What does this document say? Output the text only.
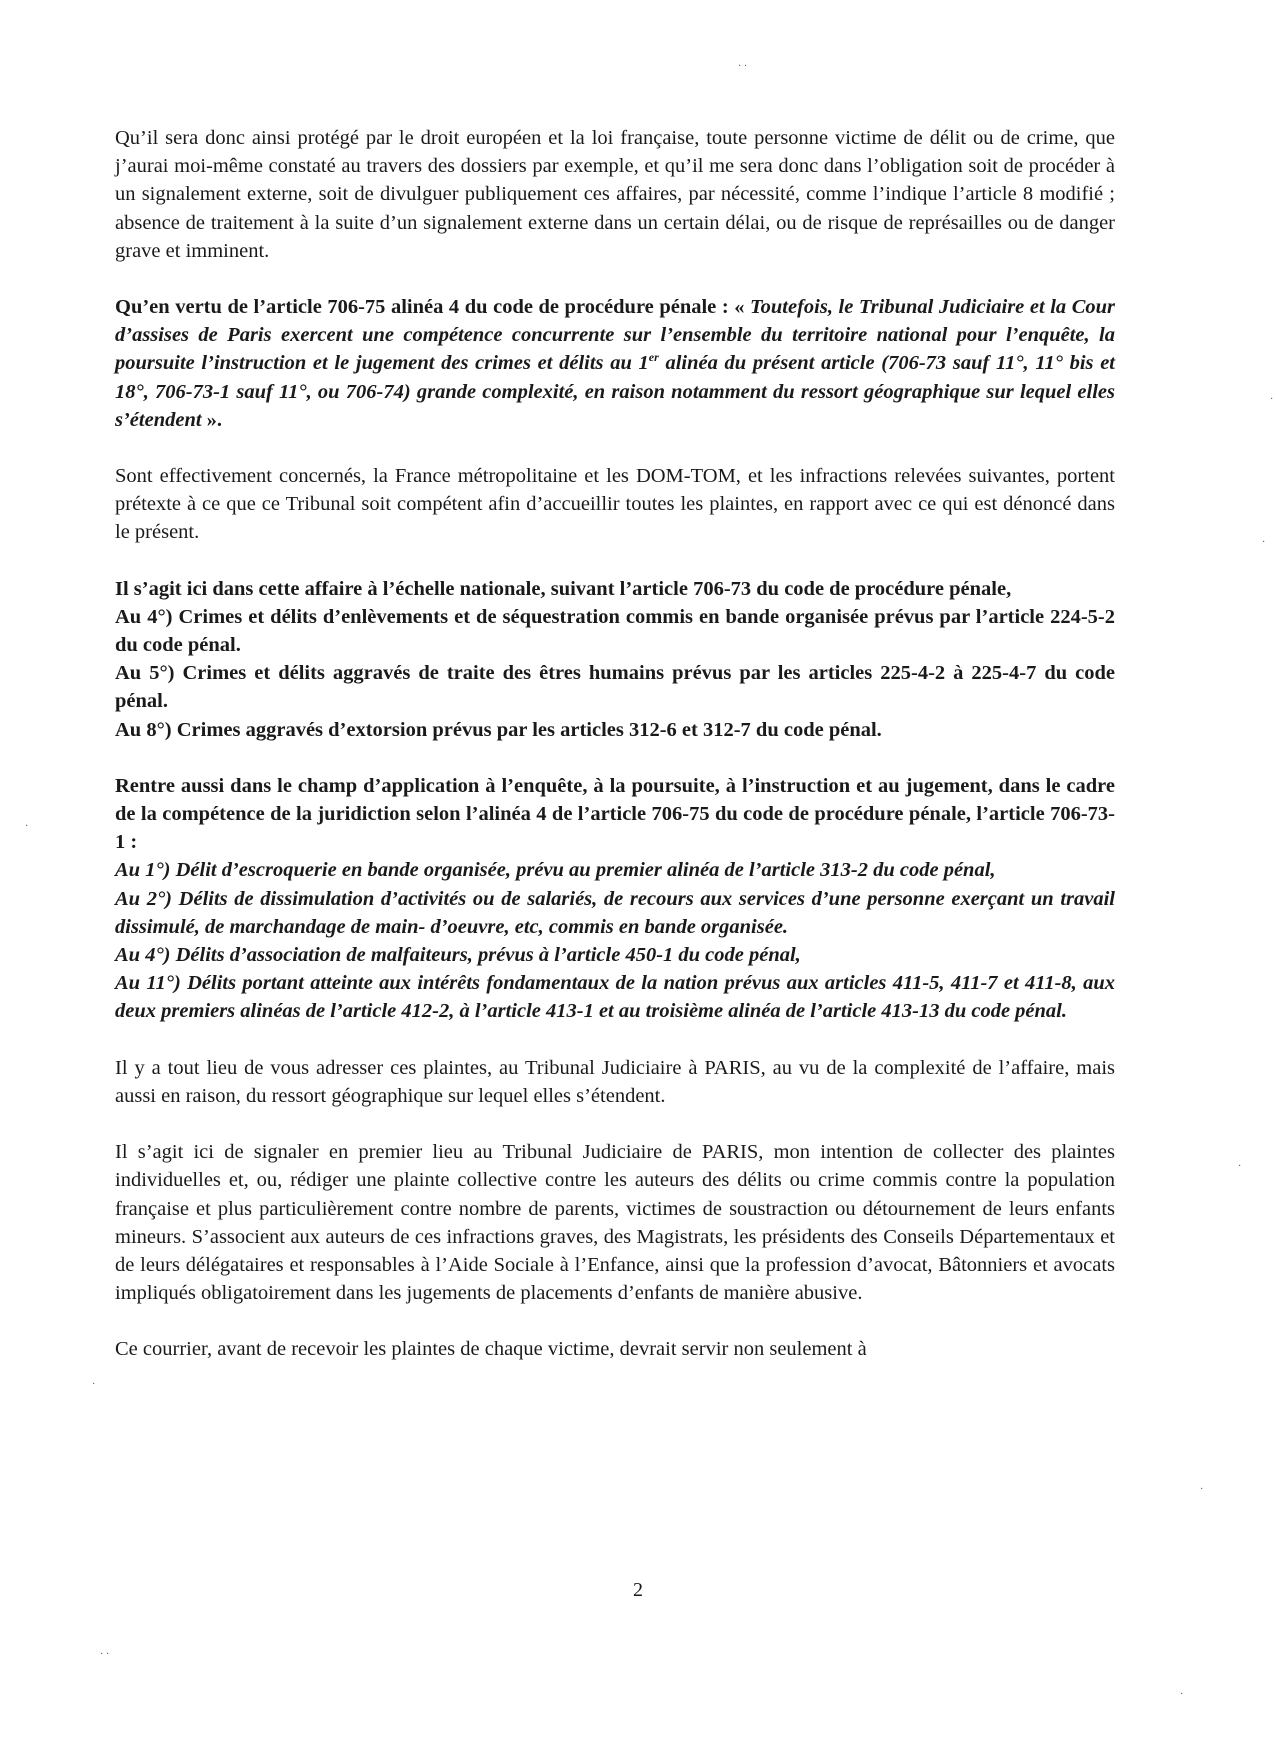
Qu’il sera donc ainsi protégé par le droit européen et la loi française, toute personne victime de délit ou de crime, que j’aurai moi-même constaté au travers des dossiers par exemple, et qu’il me sera donc dans l’obligation soit de procéder à un signalement externe, soit de divulguer publiquement ces affaires, par nécessité, comme l’indique l’article 8 modifié ; absence de traitement à la suite d’un signalement externe dans un certain délai, ou de risque de représailles ou de danger grave et imminent.

Qu’en vertu de l’article 706-75 alinéa 4 du code de procédure pénale : « Toutefois, le Tribunal Judiciaire et la Cour d’assises de Paris exercent une compétence concurrente sur l’ensemble du territoire national pour l’enquête, la poursuite l’instruction et le jugement des crimes et délits au 1er alinéa du présent article (706-73 sauf 11°, 11° bis et 18°, 706-73-1 sauf 11°, ou 706-74) grande complexité, en raison notamment du ressort géographique sur lequel elles s’étendent ».

Sont effectivement concernés, la France métropolitaine et les DOM-TOM, et les infractions relevées suivantes, portent prétexte à ce que ce Tribunal soit compétent afin d’accueillir toutes les plaintes, en rapport avec ce qui est dénoncé dans le présent.

Il s’agit ici dans cette affaire à l’échelle nationale, suivant l’article 706-73 du code de procédure pénale,

Au 4°) Crimes et délits d’enlèvements et de séquestration commis en bande organisée prévus par l’article 224-5-2 du code pénal.

Au 5°) Crimes et délits aggravés de traite des êtres humains prévus par les articles 225-4-2 à 225-4-7 du code pénal.

Au 8°) Crimes aggravés d’extorsion prévus par les articles 312-6 et 312-7 du code pénal.

Rentre aussi dans le champ d’application à l’enquête, à la poursuite, à l’instruction et au jugement, dans le cadre de la compétence de la juridiction selon l’alinéa 4 de l’article 706-75 du code de procédure pénale, l’article 706-73-1 :

Au 1°) Délit d’escroquerie en bande organisée, prévu au premier alinéa de l’article 313-2 du code pénal,

Au 2°) Délits de dissimulation d’activités ou de salariés, de recours aux services d’une personne exerçant un travail dissimulé, de marchandage de main- d’oeuvre, etc, commis en bande organisée.

Au 4°) Délits d’association de malfaiteurs, prévus à l’article 450-1 du code pénal,

Au 11°) Délits portant atteinte aux intérêts fondamentaux de la nation prévus aux articles 411-5, 411-7 et 411-8, aux deux premiers alinéas de l’article 412-2, à l’article 413-1 et au troisième alinéa de l’article 413-13 du code pénal.

Il y a tout lieu de vous adresser ces plaintes, au Tribunal Judiciaire à PARIS, au vu de la complexité de l’affaire, mais aussi en raison, du ressort géographique sur lequel elles s’étendent.

Il s’agit ici de signaler en premier lieu au Tribunal Judiciaire de PARIS, mon intention de collecter des plaintes individuelles et, ou, rédiger une plainte collective contre les auteurs des délits ou crime commis contre la population française et plus particulièrement contre nombre de parents, victimes de soustraction ou détournement de leurs enfants mineurs. S’associent aux auteurs de ces infractions graves, des Magistrats, les présidents des Conseils Départementaux et de leurs délégataires et responsables à l’Aide Sociale à l’Enfance, ainsi que la profession d’avocat, Bâtonniers et avocats impliqués obligatoirement dans les jugements de placements d’enfants de manière abusive.

Ce courrier, avant de recevoir les plaintes de chaque victime, devrait servir non seulement à

2
· ·
·
·
·
·
·
·
· ·
·
